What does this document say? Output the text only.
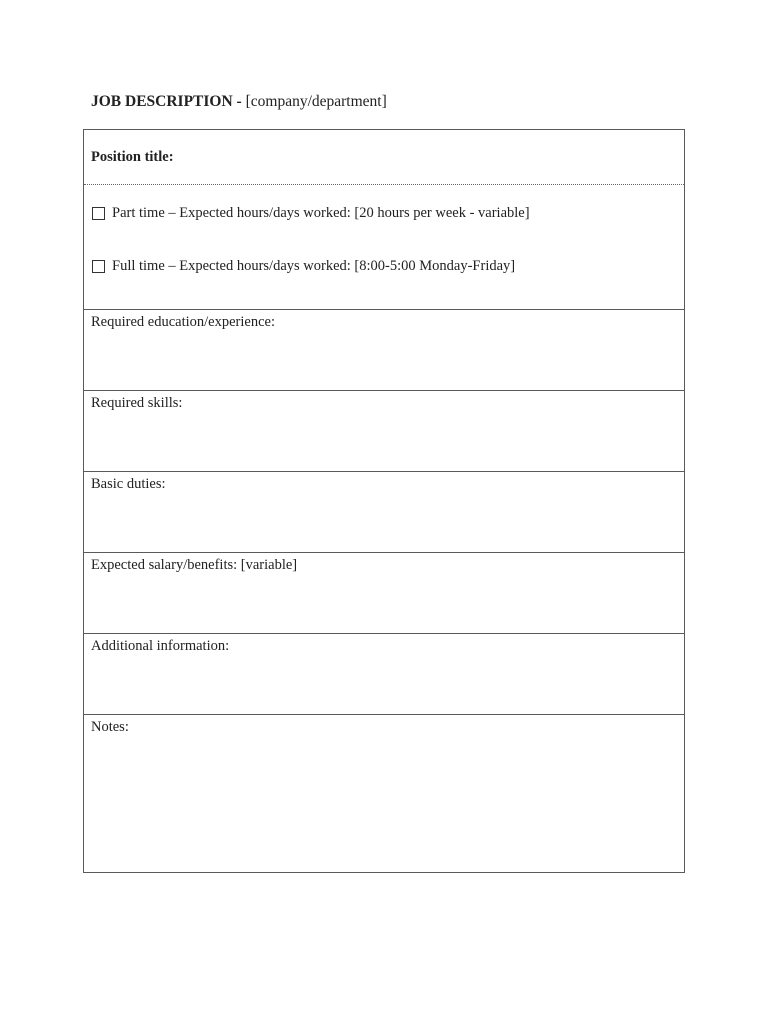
JOB DESCRIPTION - [company/department]
Position title:
Part time – Expected hours/days worked: [20 hours per week - variable]
Full time – Expected hours/days worked: [8:00-5:00 Monday-Friday]
Required education/experience:
Required skills:
Basic duties:
Expected salary/benefits: [variable]
Additional information:
Notes:
